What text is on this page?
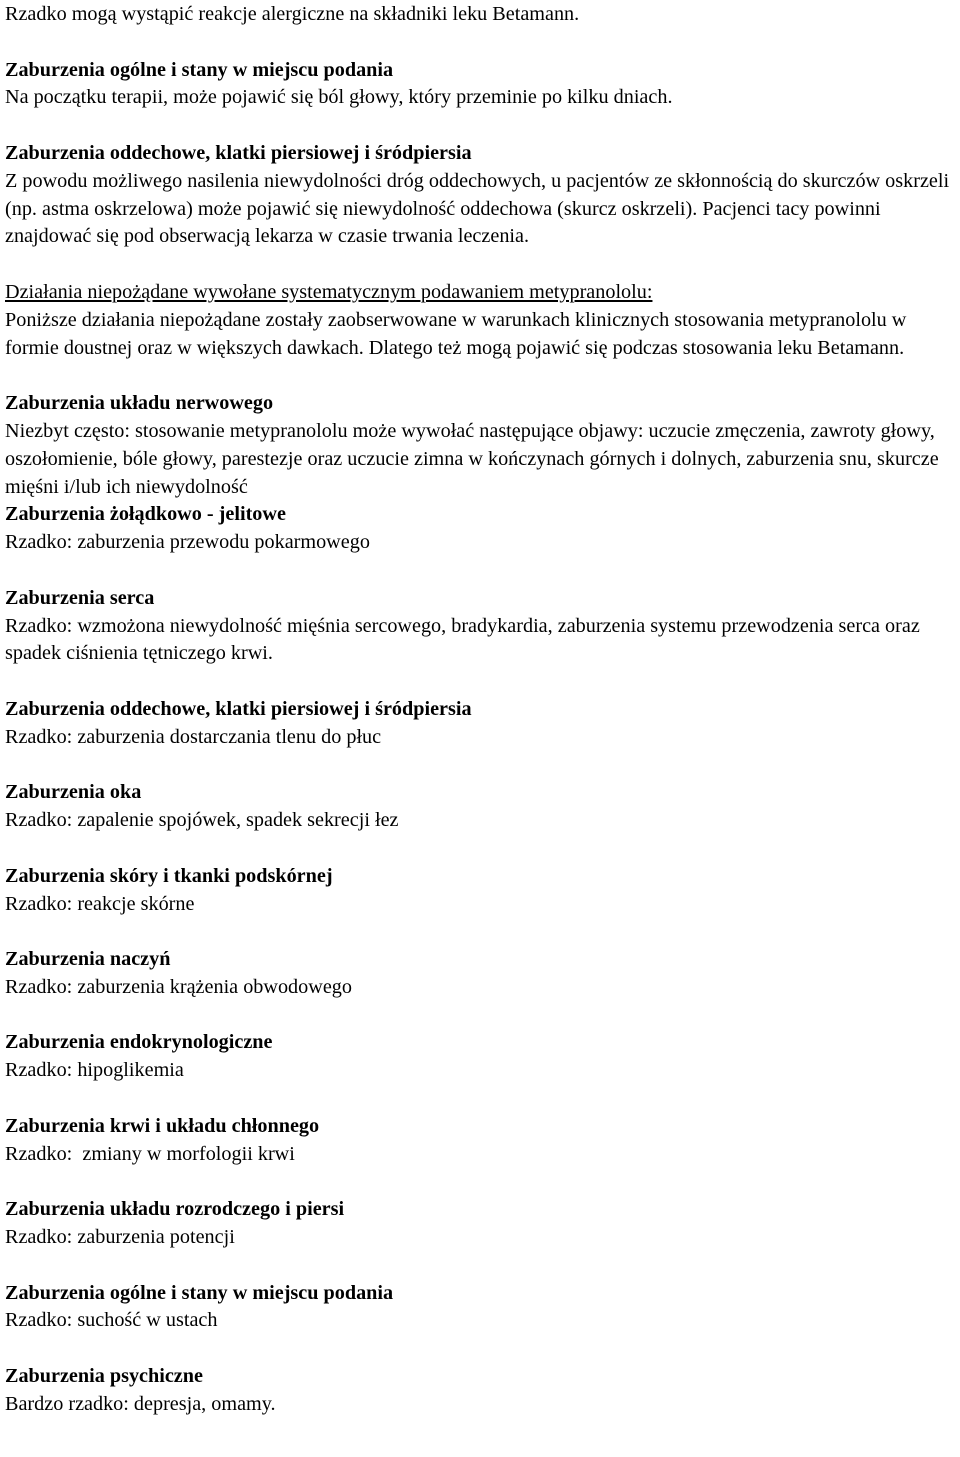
Rzadko mogą wystąpić reakcje alergiczne na składniki leku Betamann.

Zaburzenia ogólne i stany w miejscu podania

Na początku terapii, może pojawić się ból głowy, który przeminie po kilku dniach.

Zaburzenia oddechowe, klatki piersiowej i śródpiersia

Z powodu możliwego nasilenia niewydolności dróg oddechowych, u pacjentów ze skłonnością do skurczów oskrzeli (np. astma oskrzelowa) może pojawić się niewydolność oddechowa (skurcz oskrzeli). Pacjenci tacy powinni znajdować się pod obserwacją lekarza w czasie trwania leczenia.

Działania niepożądane wywołane systematycznym podawaniem metypranololu:

Poniższe działania niepożądane zostały zaobserwowane w warunkach klinicznych stosowania metypranololu w formie doustnej oraz w większych dawkach. Dlatego też mogą pojawić się podczas stosowania leku Betamann.

Zaburzenia układu nerwowego

Niezbyt często: stosowanie metypranololu może wywołać następujące objawy: uczucie zmęczenia, zawroty głowy, oszołomienie, bóle głowy, parestezje oraz uczucie zimna w kończynach górnych i dolnych, zaburzenia snu, skurcze mięśni i/lub ich niewydolność

Zaburzenia żołądkowo - jelitowe

Rzadko: zaburzenia przewodu pokarmowego

Zaburzenia serca

Rzadko: wzmożona niewydolność mięśnia sercowego, bradykardia, zaburzenia systemu przewodzenia serca oraz spadek ciśnienia tętniczego krwi.

Zaburzenia oddechowe, klatki piersiowej i śródpiersia

Rzadko: zaburzenia dostarczania tlenu do płuc

Zaburzenia oka

Rzadko: zapalenie spojówek, spadek sekrecji łez

Zaburzenia skóry i tkanki podskórnej

Rzadko: reakcje skórne

Zaburzenia naczyń

Rzadko: zaburzenia krążenia obwodowego

Zaburzenia endokrynologiczne

Rzadko: hipoglikemia

Zaburzenia krwi i układu chłonnego

Rzadko:  zmiany w morfologii krwi

Zaburzenia układu rozrodczego i piersi

Rzadko: zaburzenia potencji

Zaburzenia ogólne i stany w miejscu podania

Rzadko: suchość w ustach

Zaburzenia psychiczne

Bardzo rzadko: depresja, omamy.
